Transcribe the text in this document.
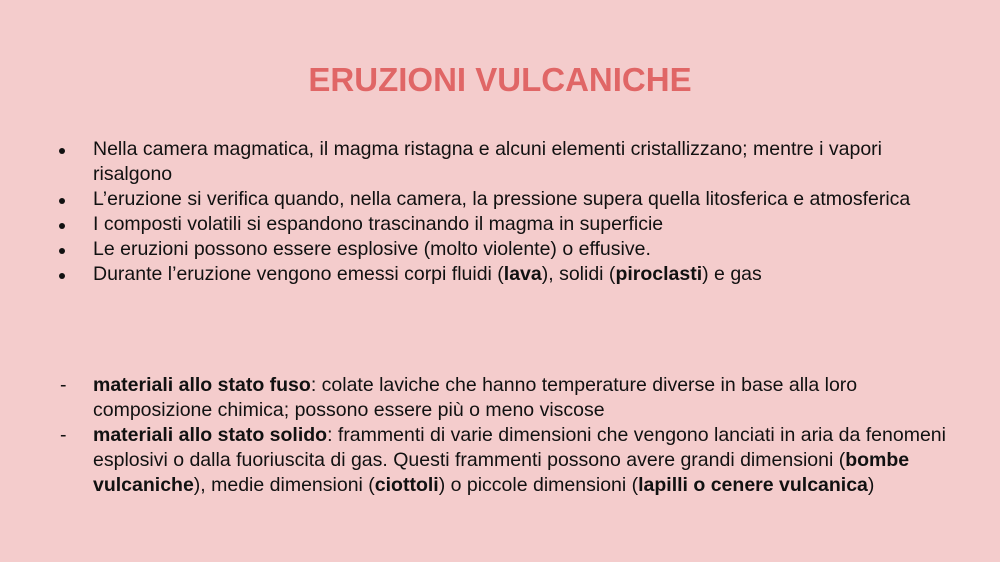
ERUZIONI VULCANICHE
Nella camera magmatica, il magma ristagna e alcuni elementi cristallizzano; mentre i vapori risalgono
L’eruzione si verifica quando, nella camera, la pressione supera quella litosferica e atmosferica
I composti volatili si espandono trascinando il magma in superficie
Le eruzioni possono essere esplosive (molto violente) o effusive.
Durante l’eruzione vengono emessi corpi fluidi (lava), solidi (piroclasti) e gas
- materiali allo stato fuso: colate laviche che hanno temperature diverse in base alla loro composizione chimica; possono essere più o meno viscose
- materiali allo stato solido: frammenti di varie dimensioni che vengono lanciati in aria da fenomeni esplosivi o dalla fuoriuscita di gas. Questi frammenti possono avere grandi dimensioni (bombe vulcaniche), medie dimensioni (ciottoli) o piccole dimensioni (lapilli o cenere vulcanica)
